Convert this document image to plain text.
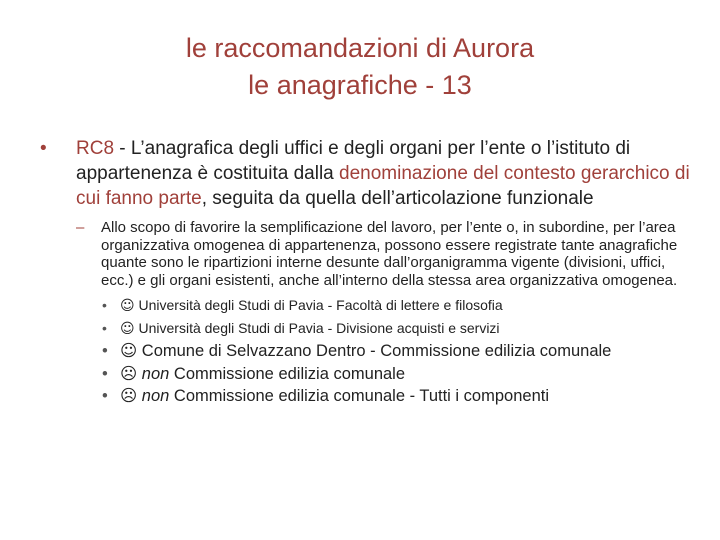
le raccomandazioni di Aurora
le anagrafiche - 13
• RC8 - L’anagrafica degli uffici e degli organi per l’ente o l’istituto di appartenenza è costituita dalla denominazione del contesto gerarchico di cui fanno parte, seguita da quella dell’articolazione funzionale
– Allo scopo di favorire la semplificazione del lavoro, per l’ente o, in subordine, per l’area organizzativa omogenea di appartenenza, possono essere registrate tante anagrafiche quante sono le ripartizioni interne desunte dall’organigramma vigente (divisioni, uffici, ecc.) e gli organi esistenti, anche all’interno della stessa area organizzativa omogenea.
• ☺ Università degli Studi di Pavia - Facoltà di lettere e filosofia
• ☺ Università degli Studi di Pavia - Divisione acquisti e servizi
• ☺ Comune di Selvazzano Dentro - Commissione edilizia comunale
• ☹ non Commissione edilizia comunale
• ☹ non Commissione edilizia comunale - Tutti i componenti
